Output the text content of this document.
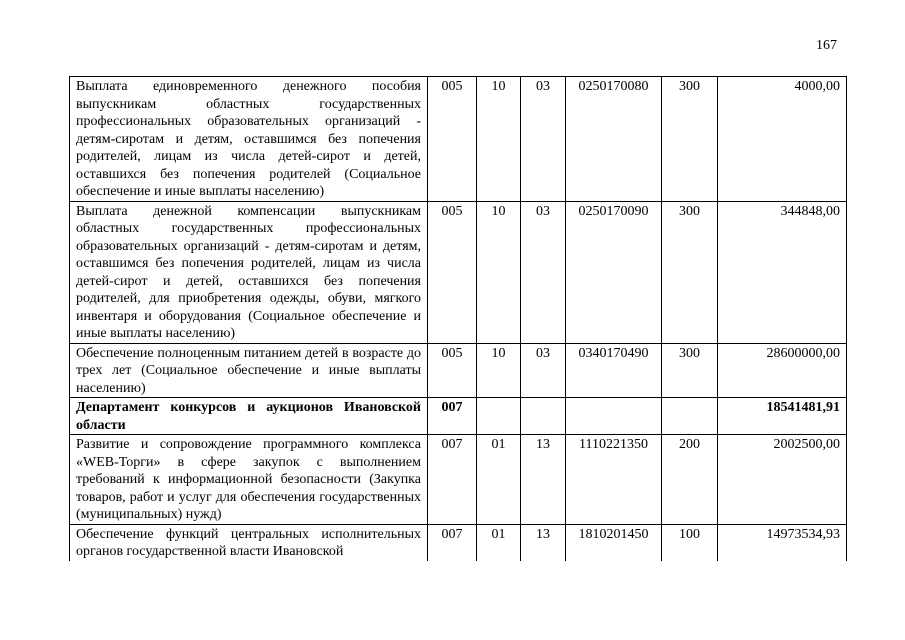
167
Выплата единовременного денежного пособия выпускникам областных государственных профессиональных образовательных организаций - детям-сиротам и детям, оставшимся без попечения родителей, лицам из числа детей-сирот и детей, оставшихся без попечения родителей (Социальное обеспечение и иные выплаты населению)	005	10	03	0250170080	300	4000,00
Выплата денежной компенсации выпускникам областных государственных профессиональных образовательных организаций - детям-сиротам и детям, оставшимся без попечения родителей, лицам из числа детей-сирот и детей, оставшихся без попечения родителей, для приобретения одежды, обуви, мягкого инвентаря и оборудования (Социальное обеспечение и иные выплаты населению)	005	10	03	0250170090	300	344848,00
Обеспечение полноценным питанием детей в возрасте до трех лет (Социальное обеспечение и иные выплаты населению)	005	10	03	0340170490	300	28600000,00
Департамент конкурсов и аукционов Ивановской области	007					18541481,91
Развитие и сопровождение программного комплекса «WEB-Торги» в сфере закупок с выполнением требований к информационной безопасности (Закупка товаров, работ и услуг для обеспечения государственных (муниципальных) нужд)	007	01	13	1110221350	200	2002500,00
Обеспечение функций центральных исполнительных органов государственной власти Ивановской	007	01	13	1810201450	100	14973534,93
